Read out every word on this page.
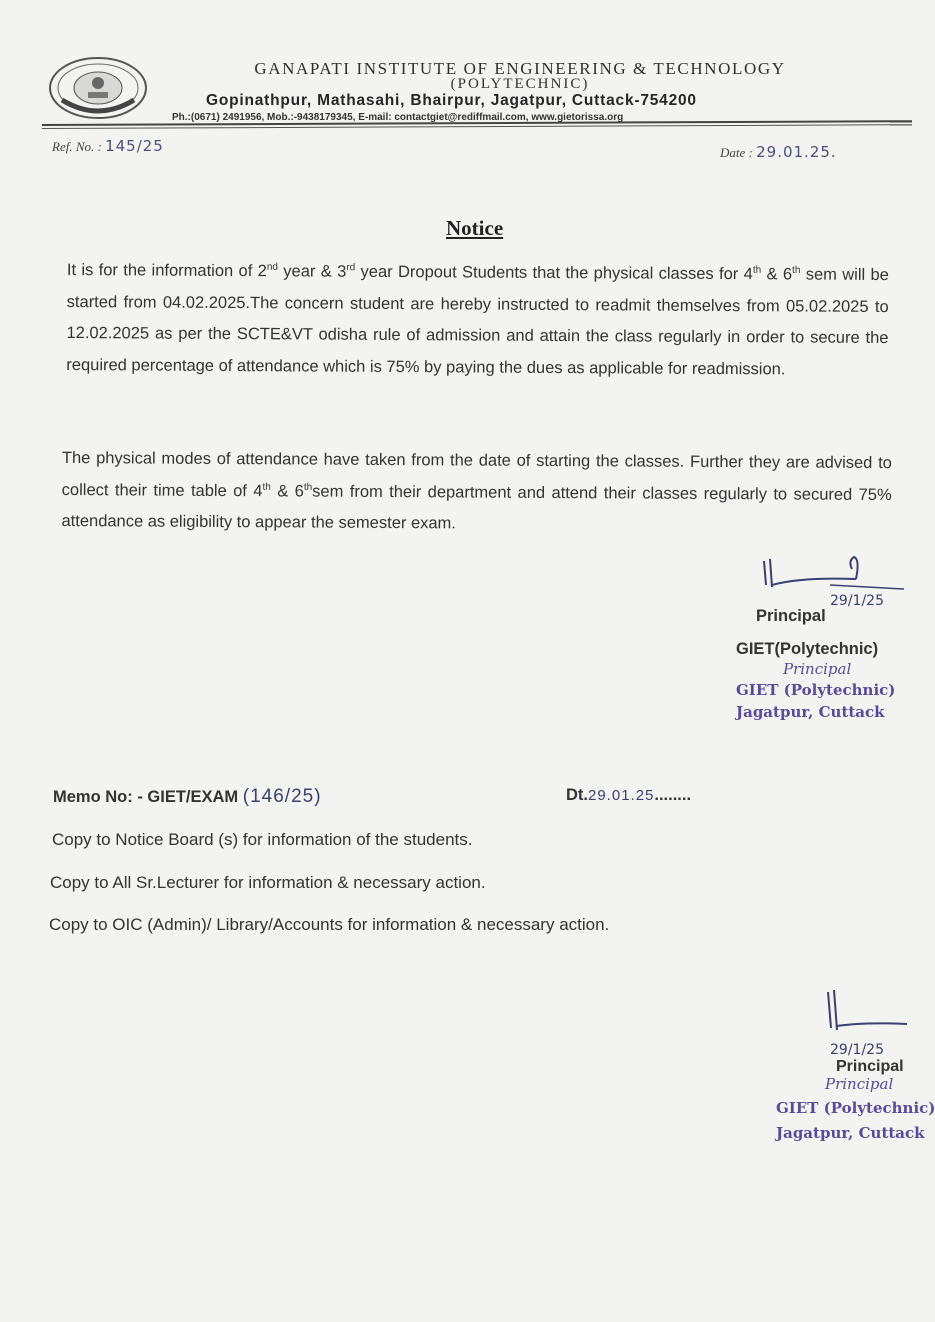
GANAPATI INSTITUTE OF ENGINEERING & TECHNOLOGY
(POLYTECHNIC)
Gopinathpur, Mathasahi, Bhairpur, Jagatpur, Cuttack-754200
Ph.:(0671) 2491956, Mob.:-9438179345, E-mail: contactgiet@rediffmail.com, www.gietorissa.org
Ref. No. : 145/25	Date : 29.01.25.
Notice
It is for the information of 2nd year & 3rd year Dropout Students that the physical classes for 4th & 6th sem will be started from 04.02.2025.The concern student are hereby instructed to readmit themselves from 05.02.2025 to 12.02.2025 as per the SCTE&VT odisha rule of admission and attain the class regularly in order to secure the required percentage of attendance which is 75% by paying the dues as applicable for readmission.
The physical modes of attendance have taken from the date of starting the classes. Further they are advised to collect their time table of 4th & 6thsem from their department and attend their classes regularly to secured 75% attendance as eligibility to appear the semester exam.
29/1/25
Principal
GIET(Polytechnic)
Principal
GIET (Polytechnic)
Jagatpur, Cuttack
Memo No: - GIET/EXAM (146/25)	Dt.29.01.25........
Copy to Notice Board (s) for information of the students.
Copy to All Sr.Lecturer for information & necessary action.
Copy to OIC (Admin)/ Library/Accounts for information & necessary action.
29/1/25
Principal
Principal
GIET (Polytechnic)
Jagatpur, Cuttack
